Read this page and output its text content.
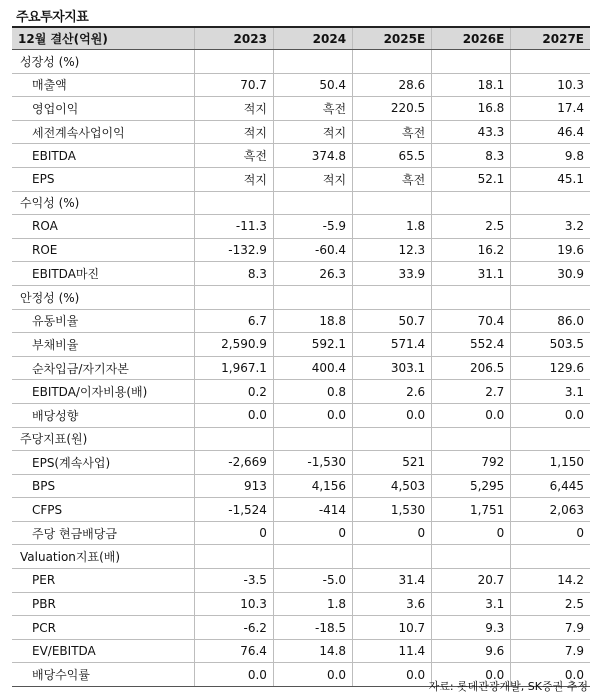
주요투자지표
12월 결산(억원)	2023	2024	2025E	2026E	2027E
성장성 (%)					
매출액	70.7	50.4	28.6	18.1	10.3
영업이익	적지	흑전	220.5	16.8	17.4
세전계속사업이익	적지	적지	흑전	43.3	46.4
EBITDA	흑전	374.8	65.5	8.3	9.8
EPS	적지	적지	흑전	52.1	45.1
수익성 (%)					
ROA	-11.3	-5.9	1.8	2.5	3.2
ROE	-132.9	-60.4	12.3	16.2	19.6
EBITDA마진	8.3	26.3	33.9	31.1	30.9
안정성 (%)					
유동비율	6.7	18.8	50.7	70.4	86.0
부채비율	2,590.9	592.1	571.4	552.4	503.5
순차입금/자기자본	1,967.1	400.4	303.1	206.5	129.6
EBITDA/이자비용(배)	0.2	0.8	2.6	2.7	3.1
배당성향	0.0	0.0	0.0	0.0	0.0
주당지표(원)					
EPS(계속사업)	-2,669	-1,530	521	792	1,150
BPS	913	4,156	4,503	5,295	6,445
CFPS	-1,524	-414	1,530	1,751	2,063
주당 현금배당금	0	0	0	0	0
Valuation지표(배)					
PER	-3.5	-5.0	31.4	20.7	14.2
PBR	10.3	1.8	3.6	3.1	2.5
PCR	-6.2	-18.5	10.7	9.3	7.9
EV/EBITDA	76.4	14.8	11.4	9.6	7.9
배당수익률	0.0	0.0	0.0	0.0	0.0
자료: 롯데관광개발, SK증권 추정
